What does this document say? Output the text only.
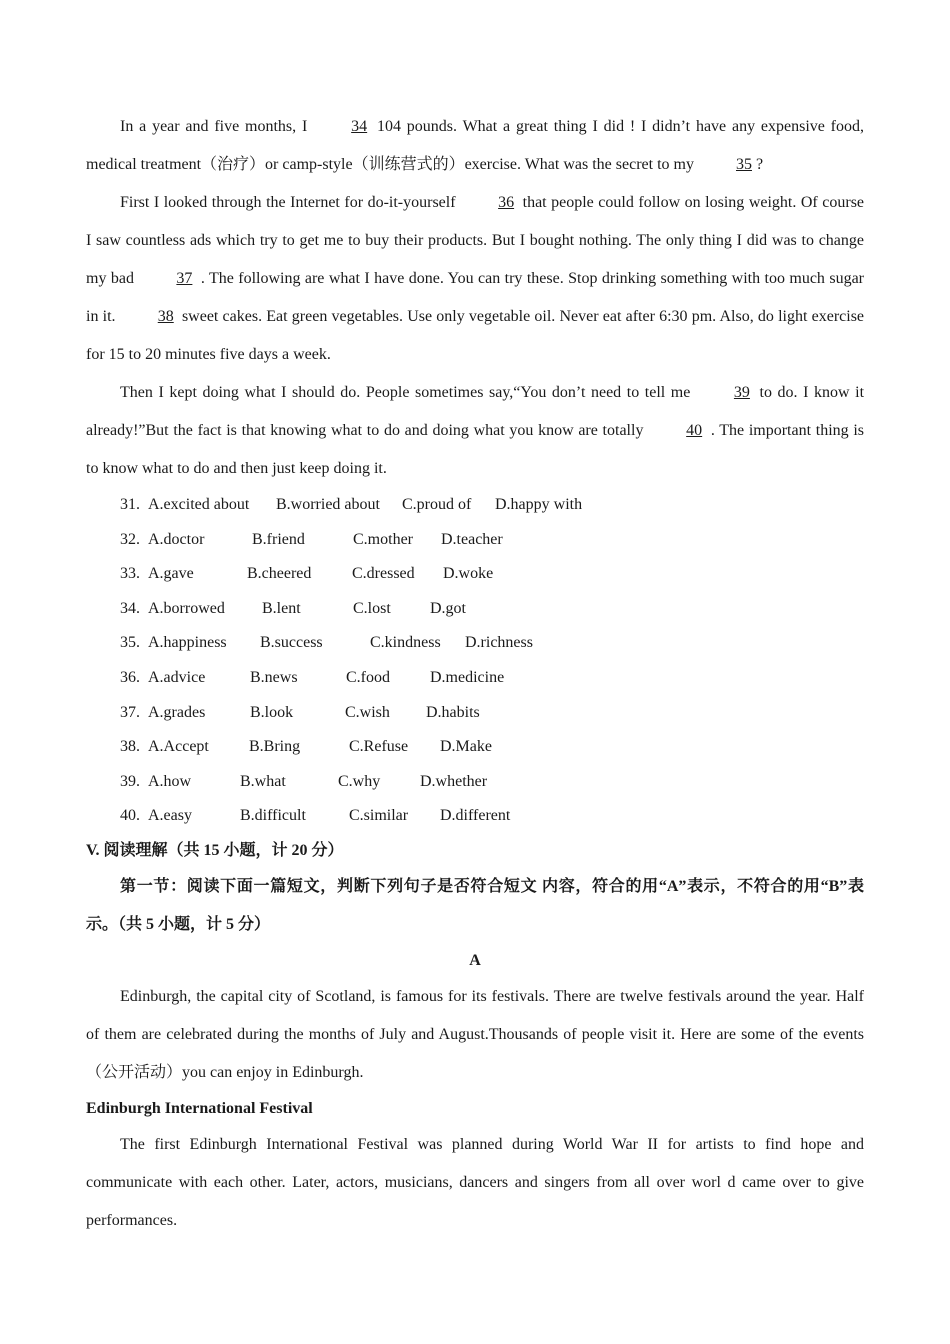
In a year and five months, I	34 104 pounds. What a great thing I did ! I didn’t have any expensive food, medical treatment（治疗）or camp-style（训练营式的）exercise. What was the secret to my	35 ?

First I looked through the Internet for do-it-yourself	36 that people could follow on losing weight. Of course I saw countless ads which try to get me to buy their products. But I bought nothing. The only thing I did was to change my bad	37 . The following are what I have done. You can try these. Stop drinking something with too much sugar in it.	38 sweet cakes. Eat green vegetables. Use only vegetable oil. Never eat after 6:30 pm. Also, do light exercise for 15 to 20 minutes five days a week.

Then I kept doing what I should do. People sometimes say,“You don’t need to tell me	39 to do. I know it already!”But the fact is that knowing what to do and doing what you know are totally	40 . The important thing is to know what to do and then just keep doing it.

31. A.excited about	B.worried about	C.proud of	D.happy with
32. A.doctor	B.friend	C.mother	D.teacher
33. A.gave	B.cheered	C.dressed	D.woke
34. A.borrowed	B.lent	C.lost	D.got
35. A.happiness	B.success	C.kindness	D.richness
36. A.advice	B.news	C.food	D.medicine
37. A.grades	B.look	C.wish	D.habits
38. A.Accept	B.Bring	C.Refuse	D.Make
39. A.how	B.what	C.why	D.whether
40. A.easy	B.difficult	C.similar	D.different
V. 阅读理解（共 15 小题，计 20 分）

第一节：阅读下面一篇短文，判断下列句子是否符合短文 内容，符合的用“A”表示，不符合的用“B”表示。（共 5 小题，计 5 分）

A

Edinburgh, the capital city of Scotland, is famous for its festivals. There are twelve festivals around the year. Half of them are celebrated during the months of July and August.Thousands of people visit it. Here are some of the events（公开活动）you can enjoy in Edinburgh.

Edinburgh International Festival

The first Edinburgh International Festival was planned during World War II for artists to find hope and communicate with each other. Later, actors, musicians, dancers and singers from all over worl d came over to give performances.
